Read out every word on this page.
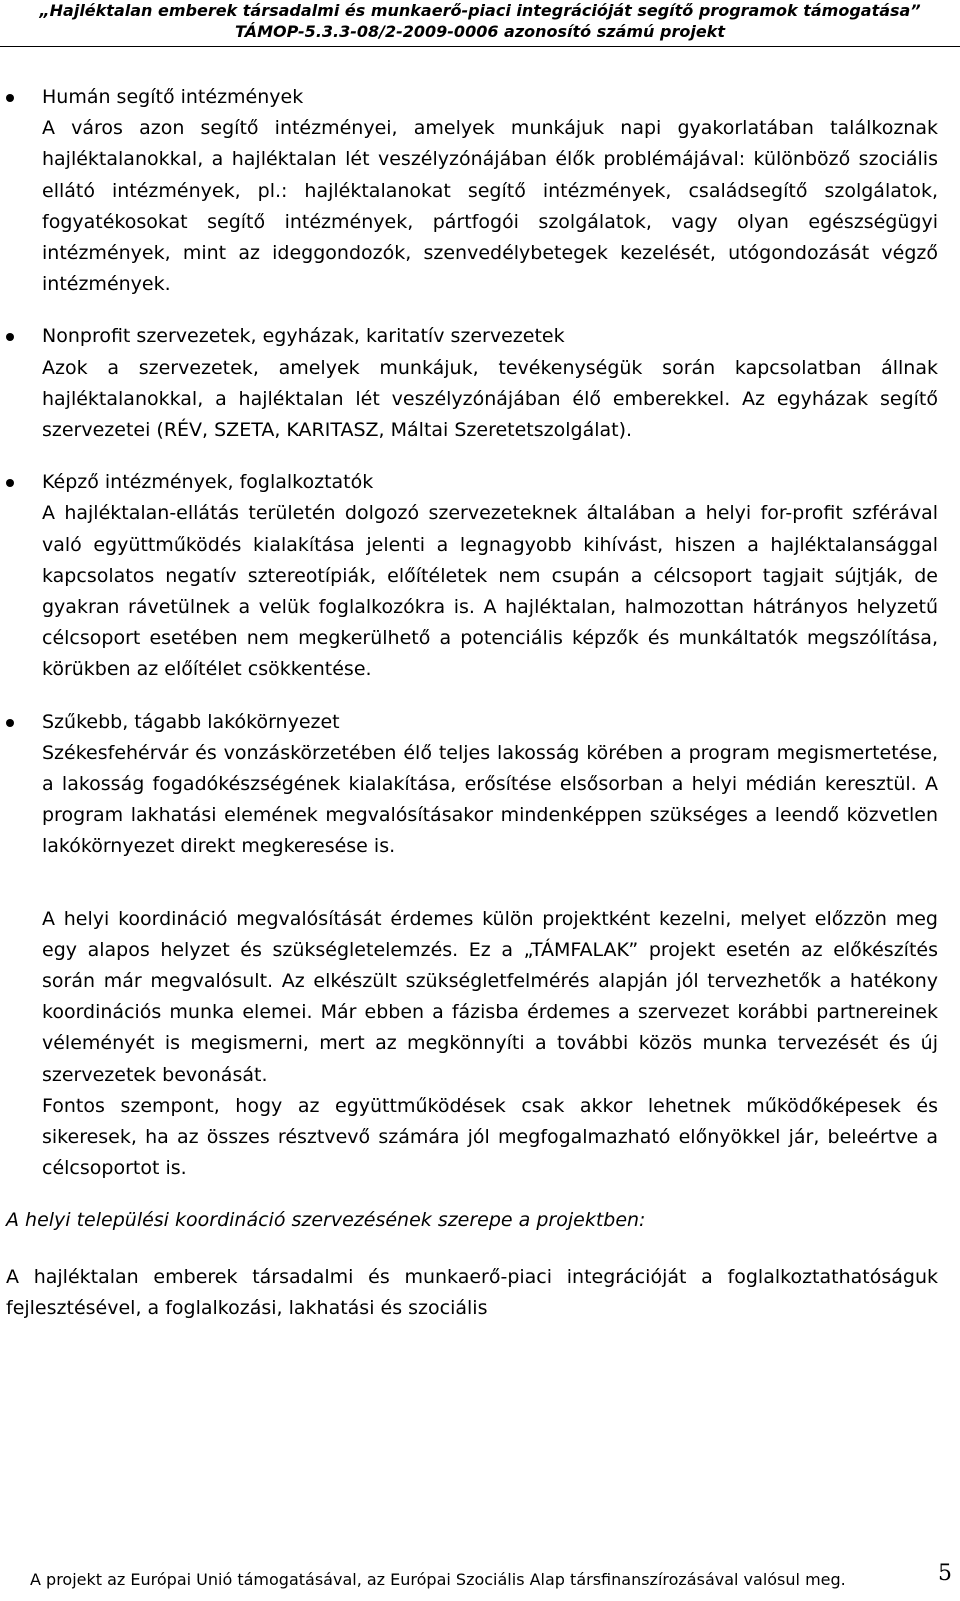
„Hajléktalan emberek társadalmi és munkaerő-piaci integrációját segítő programok támogatása”
TÁMOP-5.3.3-08/2-2009-0006 azonosító számú projekt
Humán segítő intézmények
A város azon segítő intézményei, amelyek munkájuk napi gyakorlatában találkoznak hajléktalanokkal, a hajléktalan lét veszélyzónájában élők problémájával: különböző szociális ellátó intézmények, pl.: hajléktalanokat segítő intézmények, családsegítő szolgálatok, fogyatékosokat segítő intézmények, pártfogói szolgálatok, vagy olyan egészségügyi intézmények, mint az ideggondozók, szenvedélybetegek kezelését, utógondozását végző intézmények.
Nonprofit szervezetek, egyházak, karitatív szervezetek
Azok a szervezetek, amelyek munkájuk, tevékenységük során kapcsolatban állnak hajléktalanokkal, a hajléktalan lét veszélyzónájában élő emberekkel. Az egyházak segítő szervezetei (RÉV, SZETA, KARITASZ, Máltai Szeretetszolgálat).
Képző intézmények, foglalkoztatók
A hajléktalan-ellátás területén dolgozó szervezeteknek általában a helyi for-profit szférával való együttműködés kialakítása jelenti a legnagyobb kihívást, hiszen a hajléktalansággal kapcsolatos negatív sztereotípiák, előítéletek nem csupán a célcsoport tagjait sújtják, de gyakran rávetülnek a velük foglalkozókra is. A hajléktalan, halmozottan hátrányos helyzetű célcsoport esetében nem megkerülhető a potenciális képzők és munkáltatók megszólítása, körükben az előítélet csökkentése.
Szűkebb, tágabb lakókörnyezet
Székesfehérvár és vonzáskörzetében élő teljes lakosság körében a program megismertetése, a lakosság fogadókészségének kialakítása, erősítése elsősorban a helyi médián keresztül. A program lakhatási elemének megvalósításakor mindenképpen szükséges a leendő közvetlen lakókörnyezet direkt megkeresése is.
A helyi koordináció megvalósítását érdemes külön projektként kezelni, melyet előzzön meg egy alapos helyzet és szükségletelemzés. Ez a „TÁMFALAK” projekt esetén az előkészítés során már megvalósult. Az elkészült szükségletfelmérés alapján jól tervezhetők a hatékony koordinációs munka elemei. Már ebben a fázisba érdemes a szervezet korábbi partnereinek véleményét is megismerni, mert az megkönnyíti a további közös munka tervezését és új szervezetek bevonását.
Fontos szempont, hogy az együttműködések csak akkor lehetnek működőképesek és sikeresek, ha az összes résztvevő számára jól megfogalmazható előnyökkel jár, beleértve a célcsoportot is.
A helyi települési koordináció szervezésének szerepe a projektben:
A hajléktalan emberek társadalmi és munkaerő-piaci integrációját a foglalkoztathatóságuk fejlesztésével, a foglalkozási, lakhatási és szociális
A projekt az Európai Unió támogatásával, az Európai Szociális Alap társfinanszírozásával valósul meg.	5
